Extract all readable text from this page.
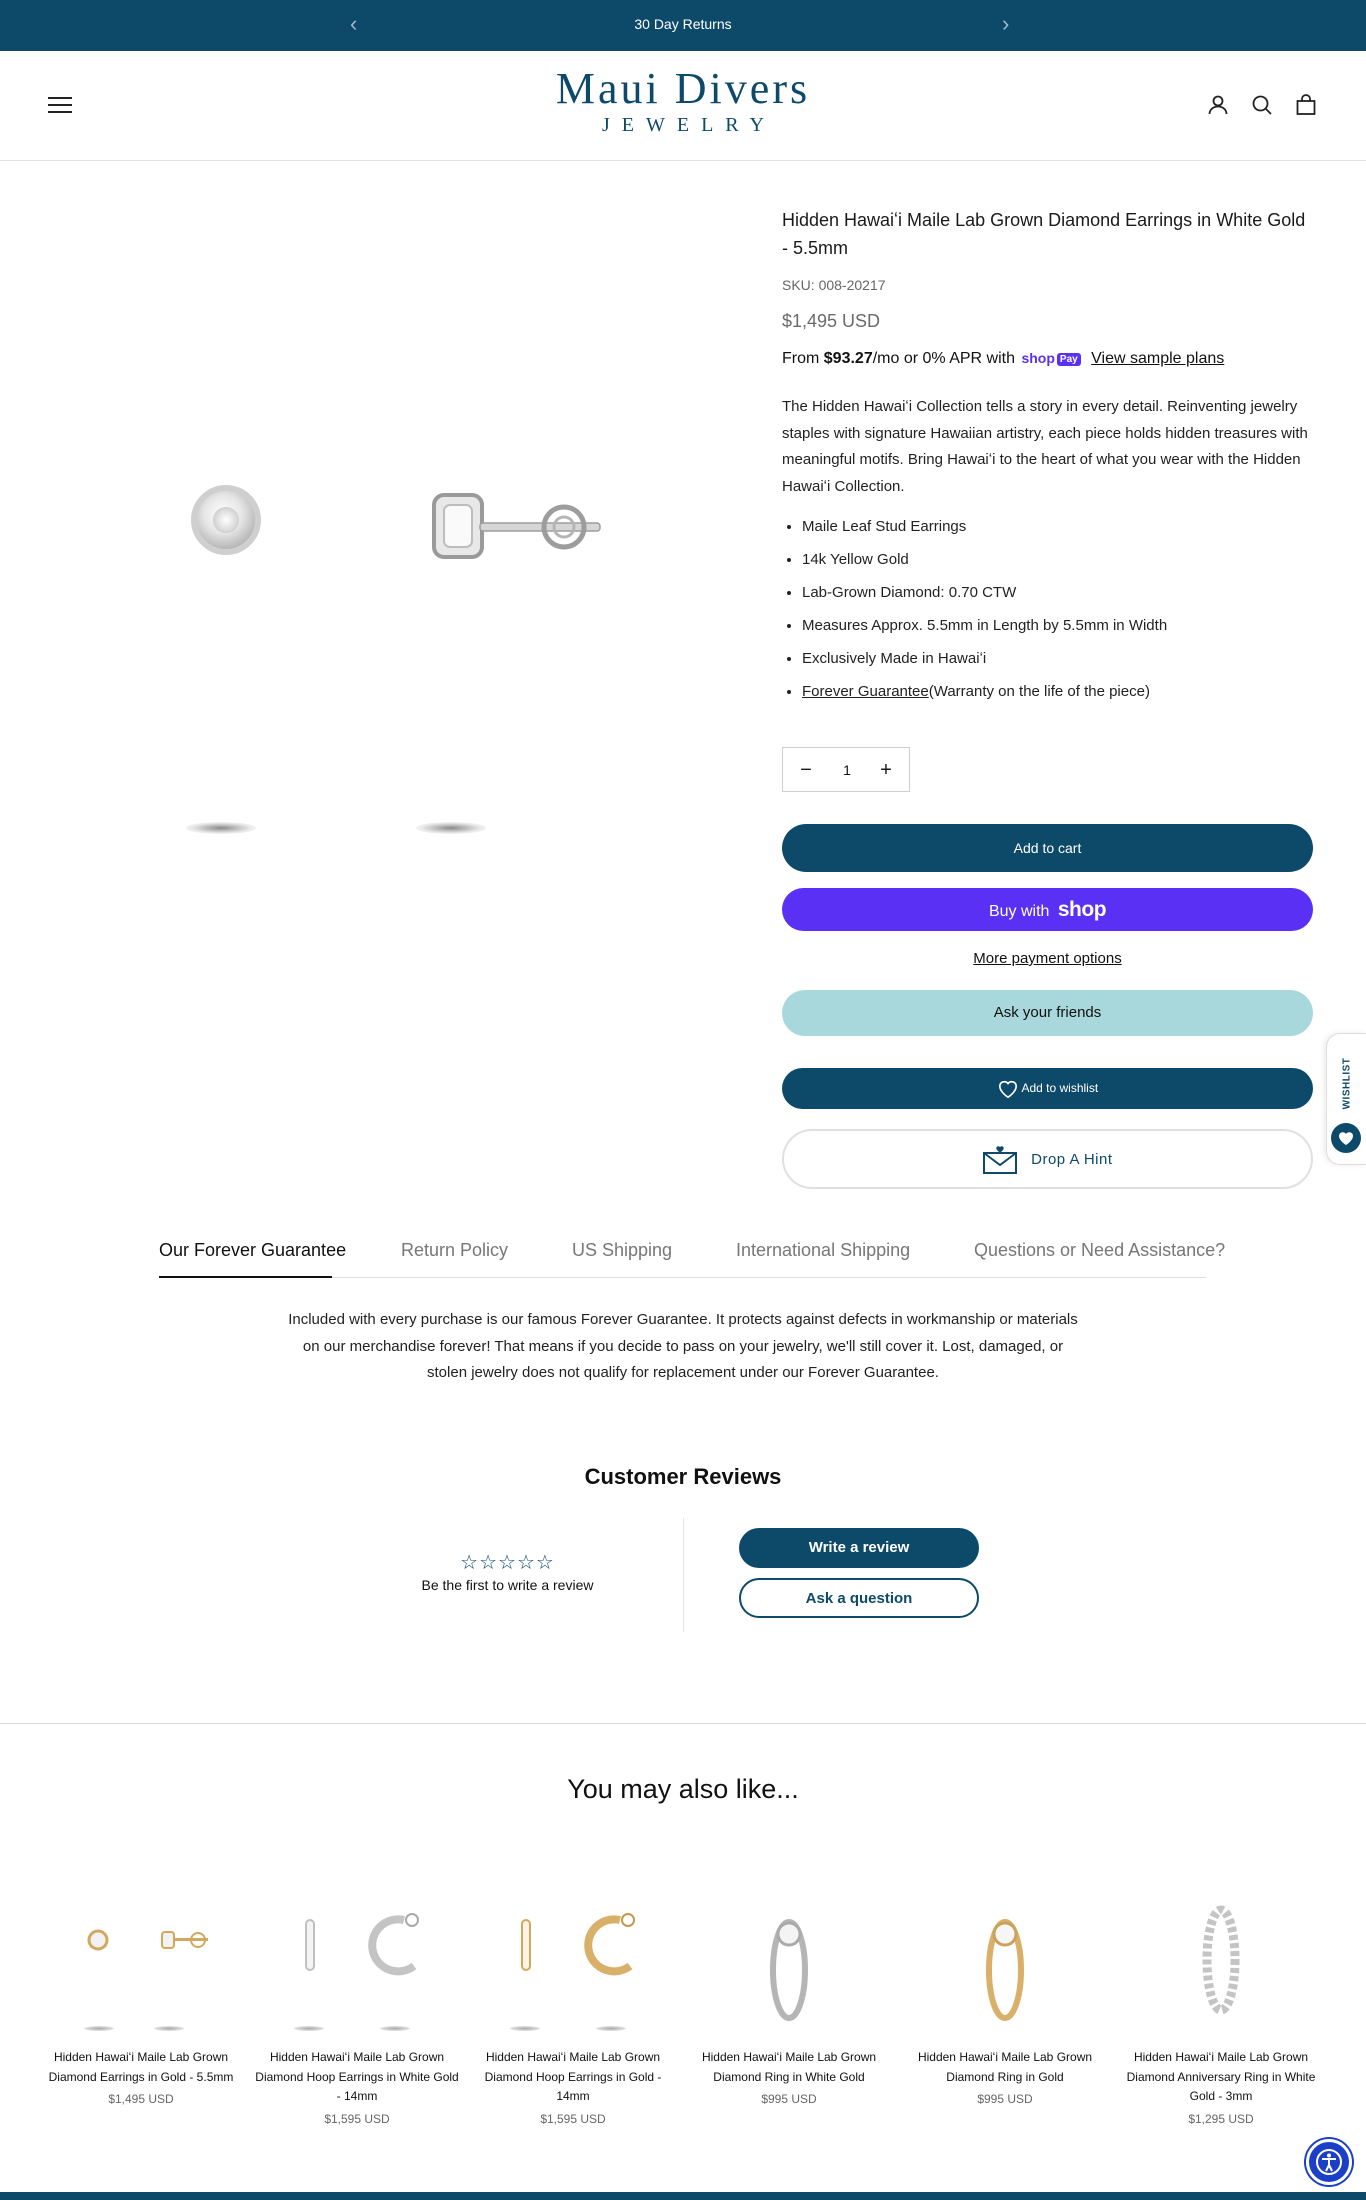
‹	30 Day Returns	›
Maui Divers
JEWELRY
Hidden Hawaiʻi Maile Lab Grown Diamond Earrings in White Gold - 5.5mm
SKU: 008-20217
$1,495 USD
From $93.27/mo or 0% APR with shop Pay View sample plans

The Hidden Hawaiʻi Collection tells a story in every detail. Reinventing jewelry staples with signature Hawaiian artistry, each piece holds hidden treasures with meaningful motifs. Bring Hawaiʻi to the heart of what you wear with the Hidden Hawaiʻi Collection.

• Maile Leaf Stud Earrings
• 14k Yellow Gold
• Lab-Grown Diamond: 0.70 CTW
• Measures Approx. 5.5mm in Length by 5.5mm in Width
• Exclusively Made in Hawaiʻi
• Forever Guarantee(Warranty on the life of the piece)
−
1	+
Add to cart
Buy with shop
More payment options
Ask your friends
Add to wishlist
Drop A Hint
WISHLIST
Our Forever Guarantee	Return Policy	US Shipping	International Shipping	Questions or Need Assistance?

Included with every purchase is our famous Forever Guarantee. It protects against defects in workmanship or materials on our merchandise forever! That means if you decide to pass on your jewelry, we'll still cover it. Lost, damaged, or stolen jewelry does not qualify for replacement under our Forever Guarantee.

Customer Reviews
☆☆☆☆☆
Be the first to write a review
Write a review
Ask a question
You may also like...
Hidden Hawaiʻi Maile Lab Grown Diamond Earrings in Gold - 5.5mm
$1,495 USD
Hidden Hawaiʻi Maile Lab Grown Diamond Hoop Earrings in White Gold - 14mm
$1,595 USD
Hidden Hawaiʻi Maile Lab Grown Diamond Hoop Earrings in Gold - 14mm
$1,595 USD
Hidden Hawaiʻi Maile Lab Grown Diamond Ring in White Gold
$995 USD
Hidden Hawaiʻi Maile Lab Grown Diamond Ring in Gold
$995 USD
Hidden Hawaiʻi Maile Lab Grown Diamond Anniversary Ring in White Gold - 3mm
$1,295 USD
